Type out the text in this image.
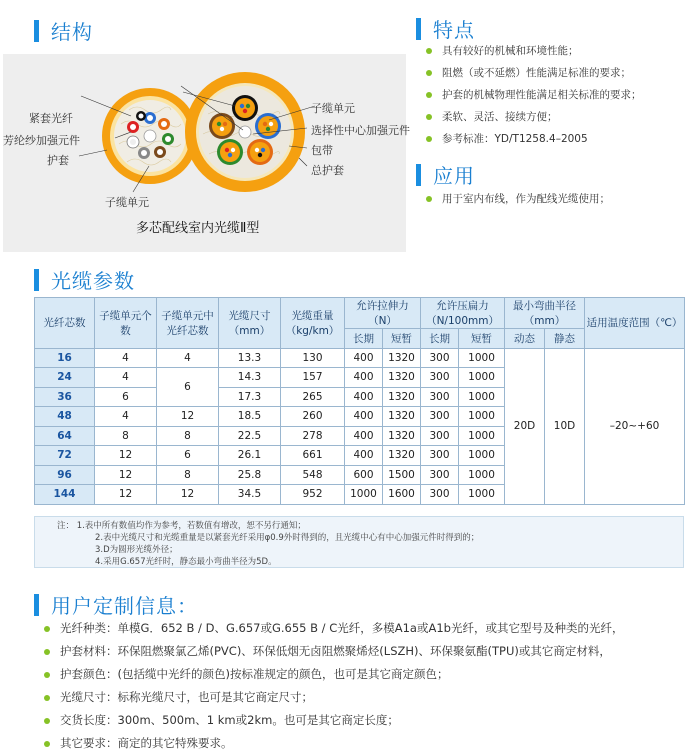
结构
紧套光纤
芳纶纱加强元件
护套
子缆单元
子缆单元
选择性中心加强元件
包带
总护套
多芯配线室内光缆Ⅱ型
特点
具有较好的机械和环境性能；
阻燃（或不延燃）性能满足标准的要求；
护套的机械物理性能满足相关标准的要求；
柔软、灵活、接续方便；
参考标准：YD/T1258.4–2005
应用
用于室内布线，作为配线光缆使用；
光缆参数
光纤芯数	子缆单元个数	子缆单元中光纤芯数	光缆尺寸（mm）	光缆重量（kg/km）	允许拉伸力（N）		允许压扁力（N/100mm）		最小弯曲半径（mm）		适用温度范围（℃）
					长期	短暂	长期	短暂	动态	静态	
16	4	4	13.3	130	400	1320	300	1000	20D	10D	–20~+60
24	4	6	14.3	157	400	1320	300	1000			
36	6		17.3	265	400	1320	300	1000			
48	4	12	18.5	260	400	1320	300	1000			
64	8	8	22.5	278	400	1320	300	1000			
72	12	6	26.1	661	400	1320	300	1000			
96	12	8	25.8	548	600	1500	300	1000			
144	12	12	34.5	952	1000	1600	300	1000			
注： 1.表中所有数值均作为参考，若数值有增改，恕不另行通知；
2.表中光缆尺寸和光缆重量是以紧套光纤采用φ0.9外时得到的，且光缆中心有中心加强元件时得到的；
3.D为圆形光缆外径；
4.采用G.657光纤时，静态最小弯曲半径为5D。
用户定制信息：
光纤种类：单模G．652 B / D、G.657或G.655 B / C光纤，多模A1a或A1b光纤，或其它型号及种类的光纤，
护套材料：环保阻燃聚氯乙烯(PVC)、环保低烟无卤阻燃聚烯烃(LSZH)、环保聚氨酯(TPU)或其它商定材料，
护套颜色：(包括缆中光纤的颜色)按标准规定的颜色，也可是其它商定颜色；
光缆尺寸：标称光缆尺寸，也可是其它商定尺寸；
交货长度：300m、500m、1 km或2km。也可是其它商定长度；
其它要求：商定的其它特殊要求。
